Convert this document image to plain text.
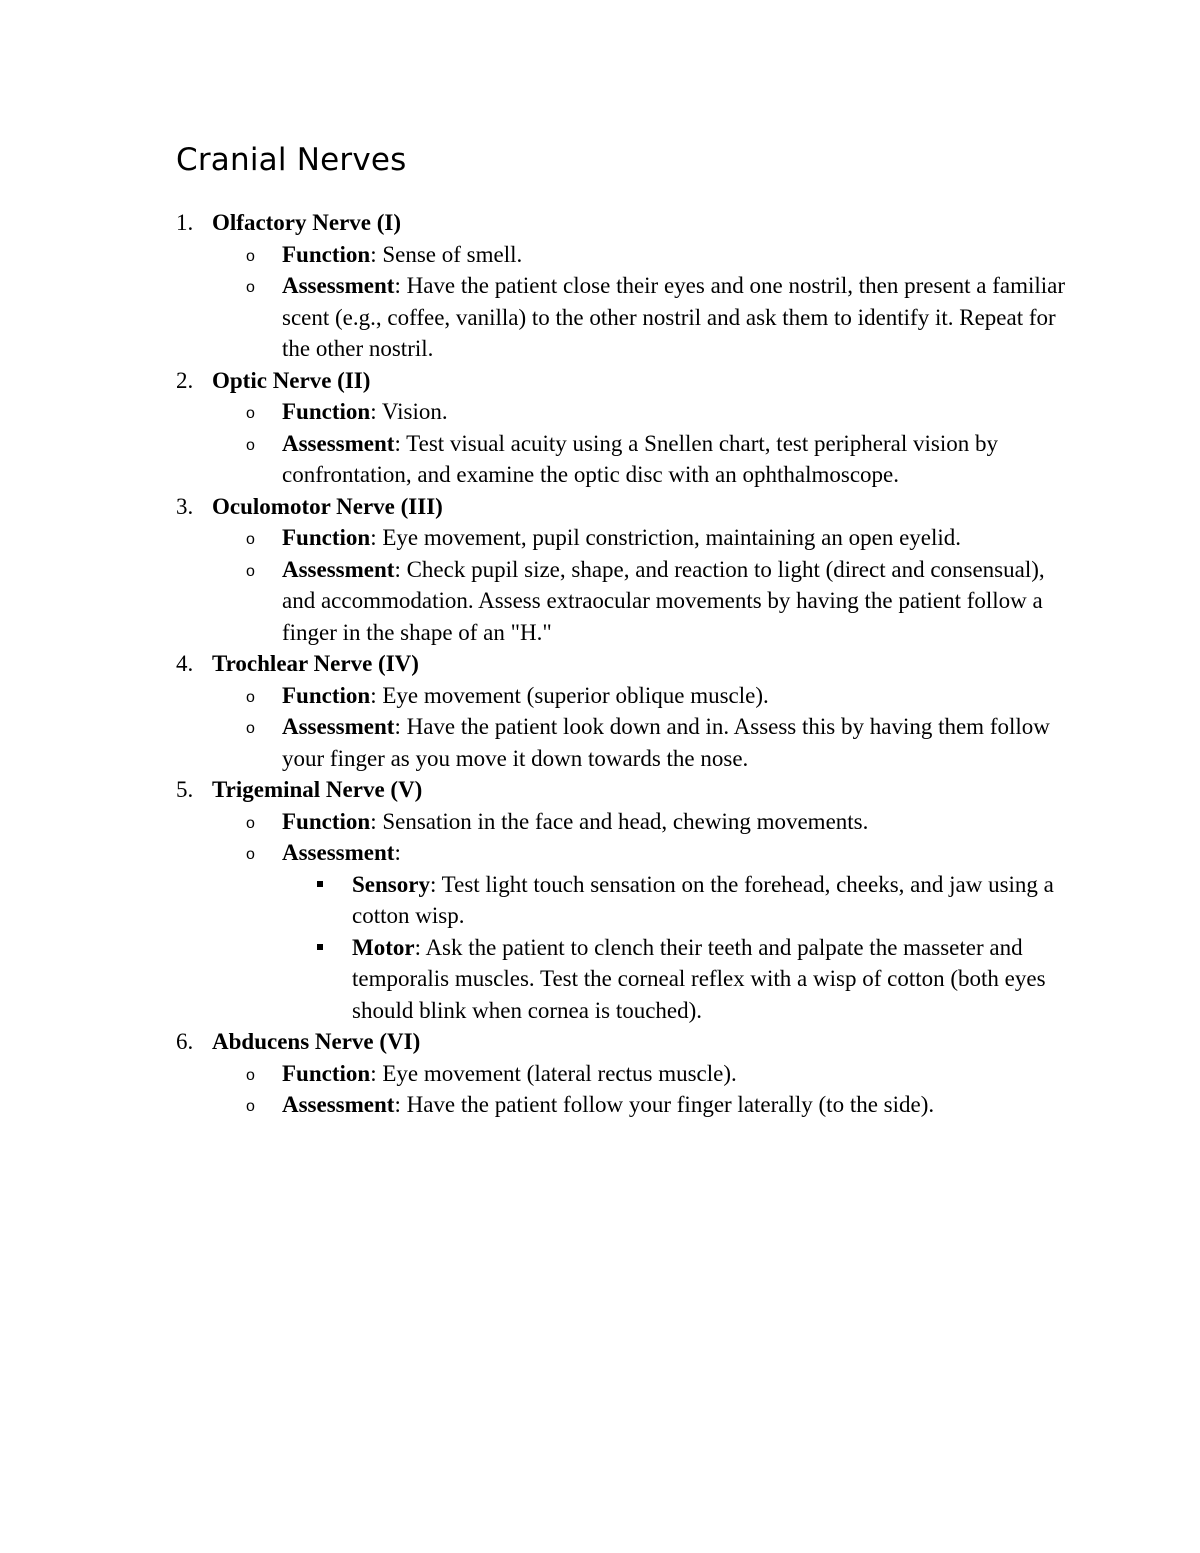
Cranial Nerves
1. Olfactory Nerve (I)
o Function: Sense of smell.
o Assessment: Have the patient close their eyes and one nostril, then present a familiar scent (e.g., coffee, vanilla) to the other nostril and ask them to identify it. Repeat for the other nostril.
2. Optic Nerve (II)
o Function: Vision.
o Assessment: Test visual acuity using a Snellen chart, test peripheral vision by confrontation, and examine the optic disc with an ophthalmoscope.
3. Oculomotor Nerve (III)
o Function: Eye movement, pupil constriction, maintaining an open eyelid.
o Assessment: Check pupil size, shape, and reaction to light (direct and consensual), and accommodation. Assess extraocular movements by having the patient follow a finger in the shape of an "H."
4. Trochlear Nerve (IV)
o Function: Eye movement (superior oblique muscle).
o Assessment: Have the patient look down and in. Assess this by having them follow your finger as you move it down towards the nose.
5. Trigeminal Nerve (V)
o Function: Sensation in the face and head, chewing movements.
o Assessment:
Sensory: Test light touch sensation on the forehead, cheeks, and jaw using a cotton wisp.
Motor: Ask the patient to clench their teeth and palpate the masseter and temporalis muscles. Test the corneal reflex with a wisp of cotton (both eyes should blink when cornea is touched).
6. Abducens Nerve (VI)
o Function: Eye movement (lateral rectus muscle).
o Assessment: Have the patient follow your finger laterally (to the side).
